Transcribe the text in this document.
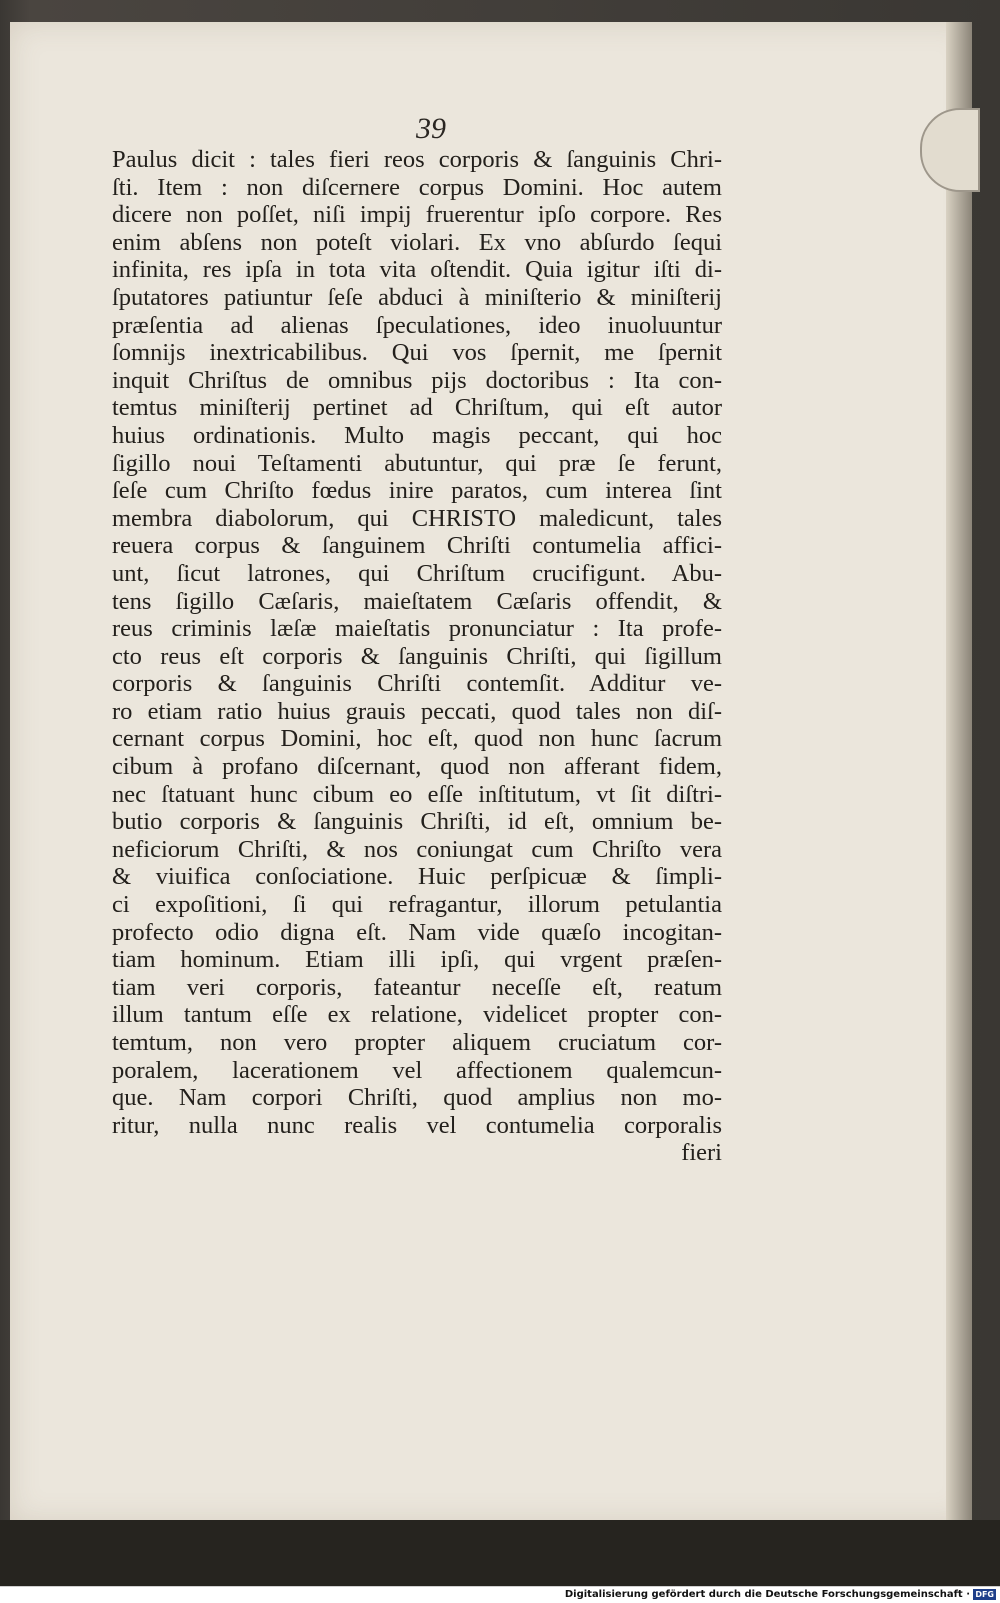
39
Paulus dicit : tales fieri reos corporis & ſanguinis Chri-
ſti. Item : non diſcernere corpus Domini. Hoc autem
dicere non poſſet, niſi impij fruerentur ipſo corpore. Res
enim abſens non poteſt violari. Ex vno abſurdo ſequi
infinita, res ipſa in tota vita oſtendit. Quia igitur iſti di-
ſputatores patiuntur ſeſe abduci à miniſterio & miniſterij
præſentia ad alienas ſpeculationes, ideo inuoluuntur
ſomnijs inextricabilibus. Qui vos ſpernit, me ſpernit
inquit Chriſtus de omnibus pijs doctoribus : Ita con-
temtus miniſterij pertinet ad Chriſtum, qui eſt autor
huius ordinationis. Multo magis peccant, qui hoc
ſigillo noui Teſtamenti abutuntur, qui præ ſe ferunt,
ſeſe cum Chriſto fœdus inire paratos, cum interea ſint
membra diabolorum, qui CHRISTO maledicunt, tales
reuera corpus & ſanguinem Chriſti contumelia affici-
unt, ſicut latrones, qui Chriſtum crucifigunt. Abu-
tens ſigillo Cæſaris, maieſtatem Cæſaris offendit, &
reus criminis læſæ maieſtatis pronunciatur : Ita profe-
cto reus eſt corporis & ſanguinis Chriſti, qui ſigillum
corporis & ſanguinis Chriſti contemſit. Additur ve-
ro etiam ratio huius grauis peccati, quod tales non diſ-
cernant corpus Domini, hoc eſt, quod non hunc ſacrum
cibum à profano diſcernant, quod non afferant fidem,
nec ſtatuant hunc cibum eo eſſe inſtitutum, vt ſit diſtri-
butio corporis & ſanguinis Chriſti, id eſt, omnium be-
neficiorum Chriſti, & nos coniungat cum Chriſto vera
& viuifica conſociatione. Huic perſpicuæ & ſimpli-
ci expoſitioni, ſi qui refragantur, illorum petulantia
profecto odio digna eſt. Nam vide quæſo incogitan-
tiam hominum. Etiam illi ipſi, qui vrgent præſen-
tiam veri corporis, fateantur neceſſe eſt, reatum
illum tantum eſſe ex relatione, videlicet propter con-
temtum, non vero propter aliquem cruciatum cor-
poralem, lacerationem vel affectionem qualemcun-
que. Nam corpori Chriſti, quod amplius non mo-
ritur, nulla nunc realis vel contumelia corporalis
fieri
Digitalisierung gefördert durch die Deutsche Forschungsgemeinschaft · DFG
